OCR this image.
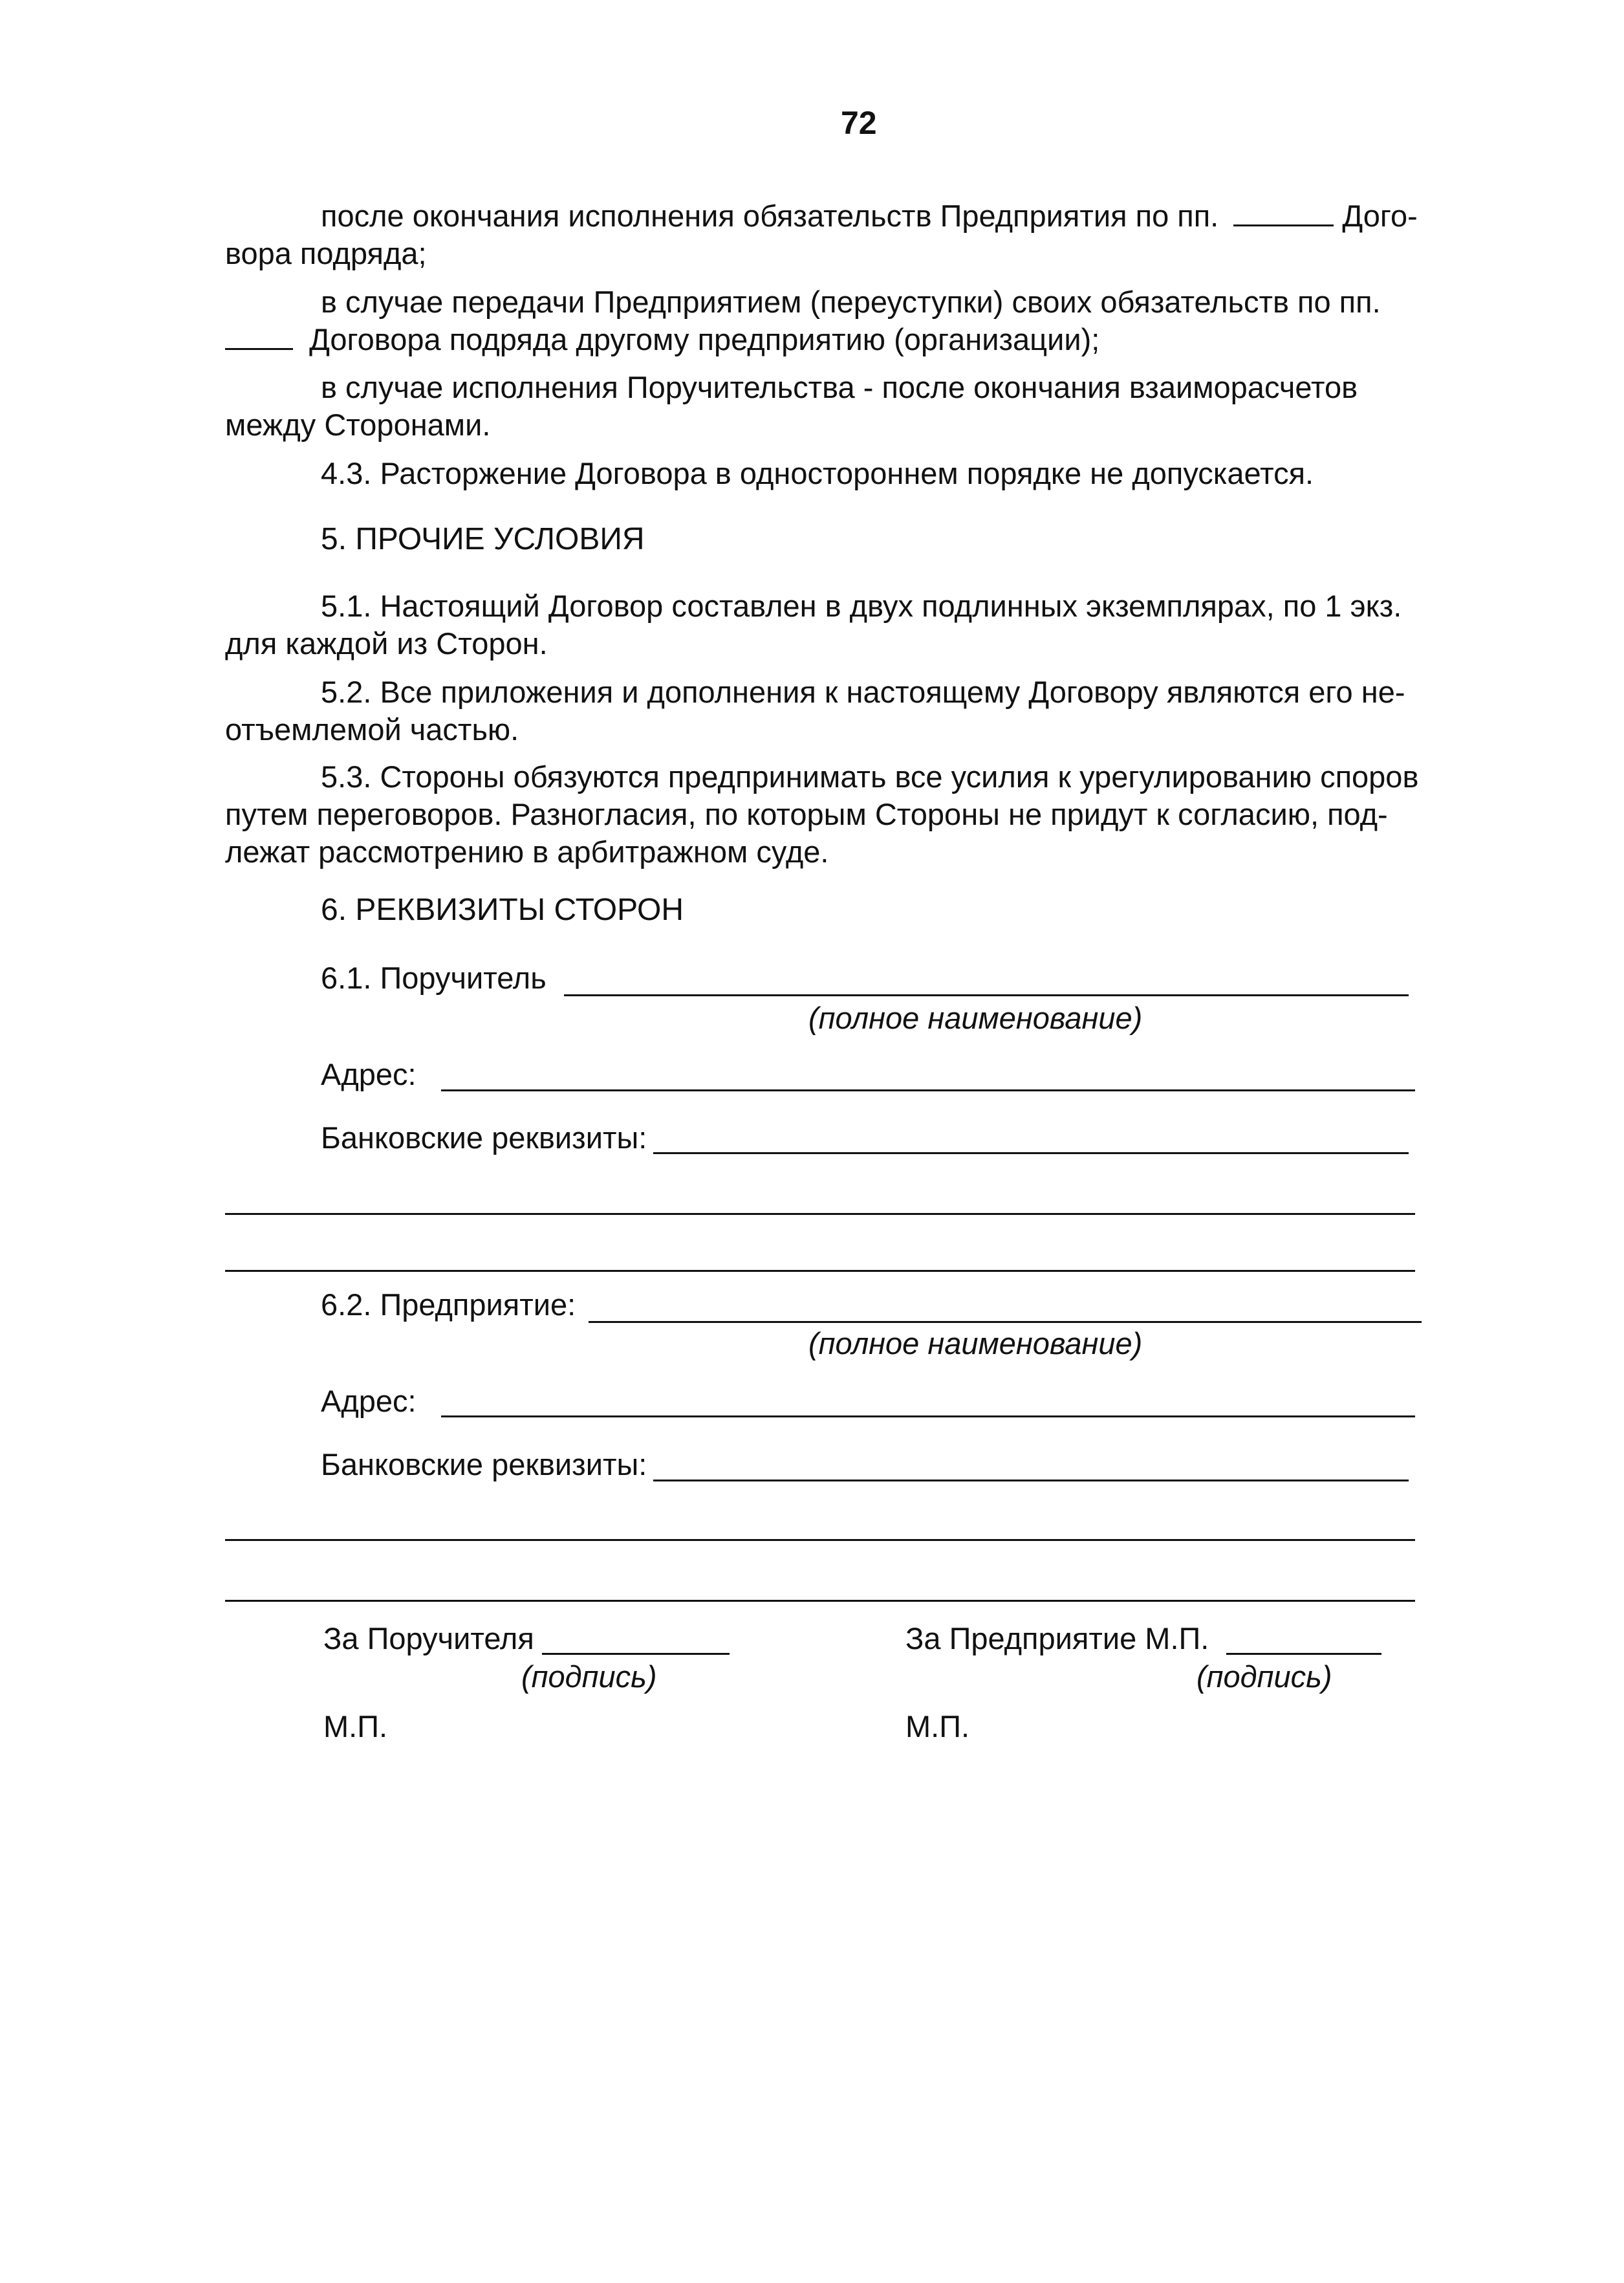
72
после окончания исполнения обязательств Предприятия по пп.	Дого-
вора подряда;
в случае передачи Предприятием (переуступки) своих обязательств по пп.
Договора подряда другому предприятию (организации);
в случае исполнения Поручительства - после окончания взаиморасчетов
между Сторонами.
4.3. Расторжение Договора в одностороннем порядке не допускается.
5. ПРОЧИЕ УСЛОВИЯ
5.1. Настоящий Договор составлен в двух подлинных экземплярах, по 1 экз.
для каждой из Сторон.
5.2. Все приложения и дополнения к настоящему Договору являются его не-
отъемлемой частью.
5.3. Стороны обязуются предпринимать все усилия к урегулированию споров
путем переговоров. Разногласия, по которым Стороны не придут к согласию, под-
лежат рассмотрению в арбитражном суде.
6. РЕКВИЗИТЫ СТОРОН
6.1. Поручитель
(полное наименование)
Адрес:
Банковские реквизиты:
6.2. Предприятие:
(полное наименование)
Адрес:
Банковские реквизиты:
За Поручителя
(подпись)
М.П.
За Предприятие М.П.
(подпись)
М.П.
